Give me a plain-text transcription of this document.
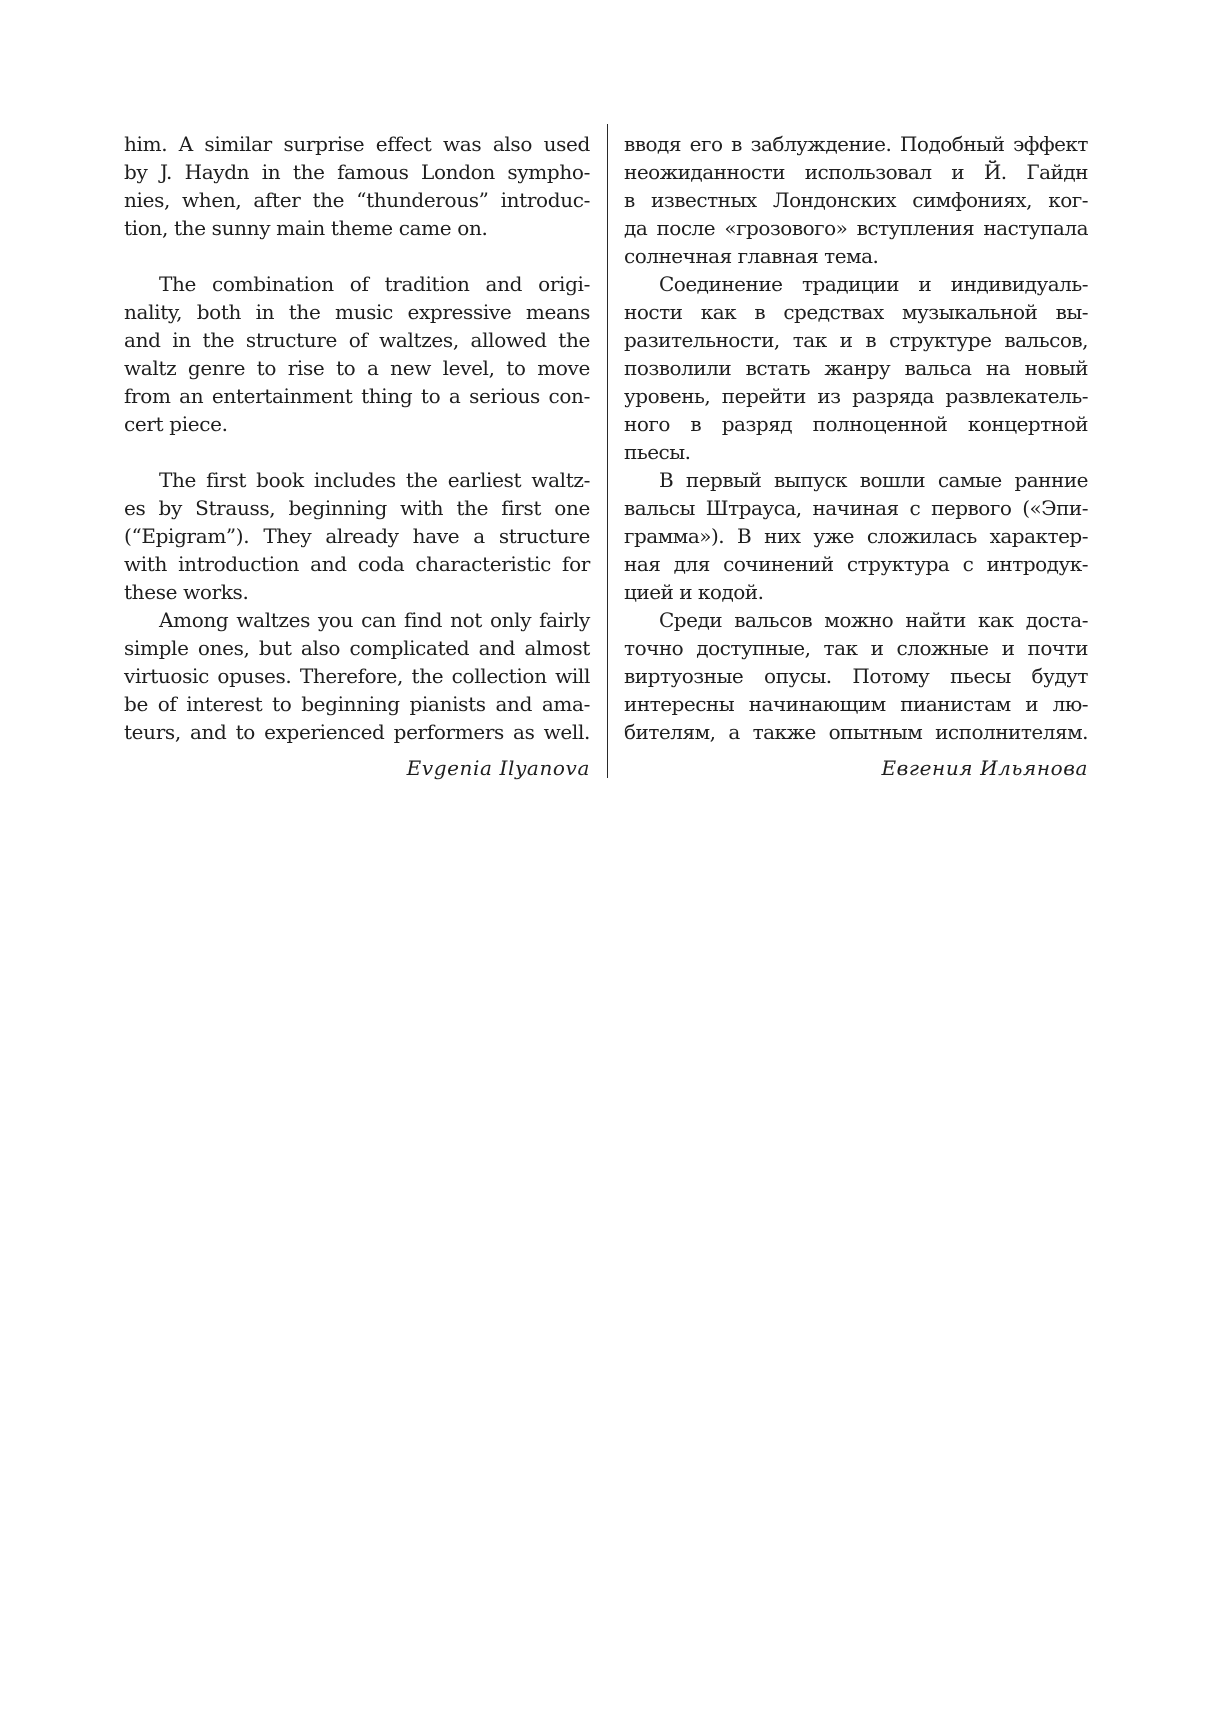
him. A similar surprise effect was also used
by J. Haydn in the famous London sympho-
nies, when, after the “thunderous” introduc-
tion, the sunny main theme came on.
The combination of tradition and origi-
nality, both in the music expressive means
and in the structure of waltzes, allowed the
waltz genre to rise to a new level, to move
from an entertainment thing to a serious con-
cert piece.
The first book includes the earliest waltz-
es by Strauss, beginning with the first one
(“Epigram”). They already have a structure
with introduction and coda characteristic for
these works.
Among waltzes you can find not only fairly
simple ones, but also complicated and almost
virtuosic opuses. Therefore, the collection will
be of interest to beginning pianists and ama-
teurs, and to experienced performers as well.
Evgenia Ilyanova
вводя его в заблуждение. Подобный эффект
неожиданности использовал и Й. Гайдн
в известных Лондонских симфониях, ког-
да после «грозового» вступления наступала
солнечная главная тема.
Соединение традиции и индивидуаль-
ности как в средствах музыкальной вы-
разительности, так и в структуре вальсов,
позволили встать жанру вальса на новый
уровень, перейти из разряда развлекатель-
ного в разряд полноценной концертной
пьесы.
В первый выпуск вошли самые ранние
вальсы Штрауса, начиная с первого («Эпи-
грамма»). В них уже сложилась характер-
ная для сочинений структура с интродук-
цией и кодой.
Среди вальсов можно найти как доста-
точно доступные, так и сложные и почти
виртуозные опусы. Потому пьесы будут
интересны начинающим пианистам и лю-
бителям, а также опытным исполнителям.
Евгения Ильянова
